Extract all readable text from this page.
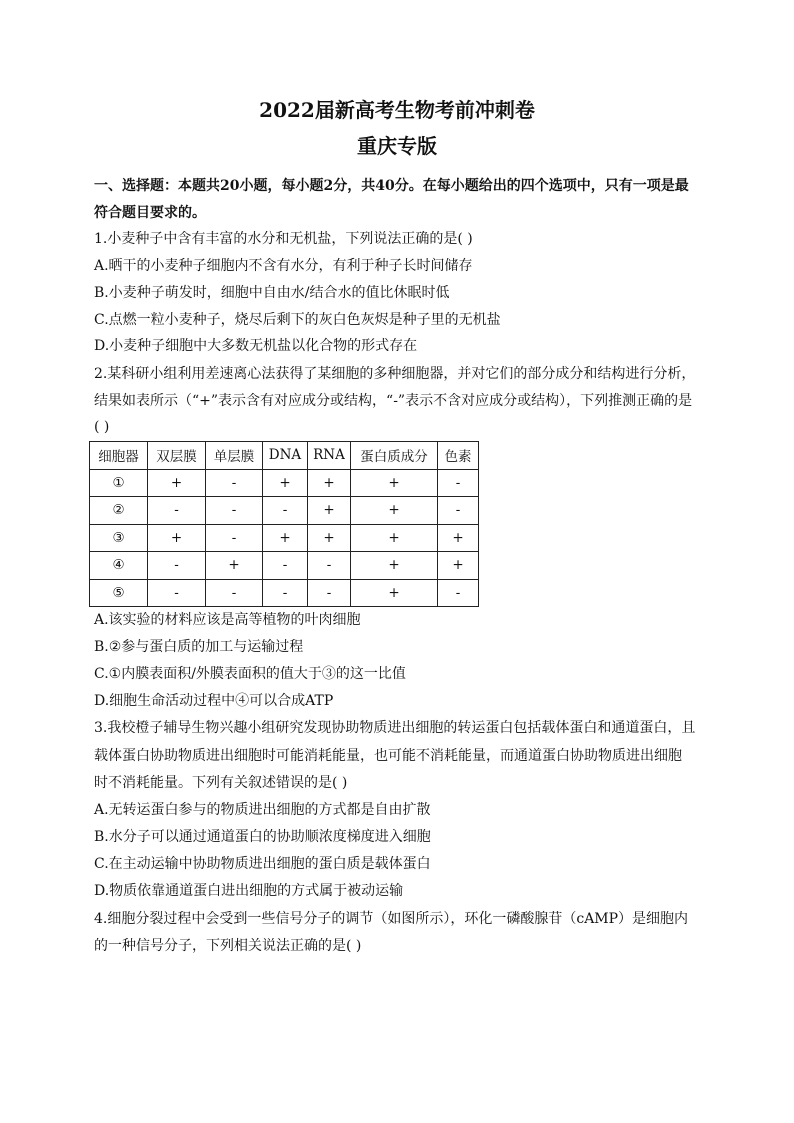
2022届新高考生物考前冲刺卷
重庆专版
一、选择题：本题共20小题，每小题2分，共40分。在每小题给出的四个选项中，只有一项是最符合题目要求的。
1.小麦种子中含有丰富的水分和无机盐，下列说法正确的是( )
A.晒干的小麦种子细胞内不含有水分，有利于种子长时间储存
B.小麦种子萌发时，细胞中自由水/结合水的值比休眠时低
C.点燃一粒小麦种子，烧尽后剩下的灰白色灰烬是种子里的无机盐
D.小麦种子细胞中大多数无机盐以化合物的形式存在
2.某科研小组利用差速离心法获得了某细胞的多种细胞器，并对它们的部分成分和结构进行分析，
结果如表所示（“+”表示含有对应成分或结构，“-”表示不含对应成分或结构），下列推测正确的是
( )
细胞器	双层膜	单层膜	DNA	RNA	蛋白质成分	色素
①	+	-	+	+	+	-
②	-	-	-	+	+	-
③	+	-	+	+	+	+
④	-	+	-	-	+	+
⑤	-	-	-	-	+	-
A.该实验的材料应该是高等植物的叶肉细胞
B.②参与蛋白质的加工与运输过程
C.①内膜表面积/外膜表面积的值大于③的这一比值
D.细胞生命活动过程中④可以合成ATP
3.我校橙子辅导生物兴趣小组研究发现协助物质进出细胞的转运蛋白包括载体蛋白和通道蛋白，且
载体蛋白协助物质进出细胞时可能消耗能量，也可能不消耗能量，而通道蛋白协助物质进出细胞
时不消耗能量。下列有关叙述错误的是( )
A.无转运蛋白参与的物质进出细胞的方式都是自由扩散
B.水分子可以通过通道蛋白的协助顺浓度梯度进入细胞
C.在主动运输中协助物质进出细胞的蛋白质是载体蛋白
D.物质依靠通道蛋白进出细胞的方式属于被动运输
4.细胞分裂过程中会受到一些信号分子的调节（如图所示），环化一磷酸腺苷（cAMP）是细胞内
的一种信号分子，下列相关说法正确的是( )
